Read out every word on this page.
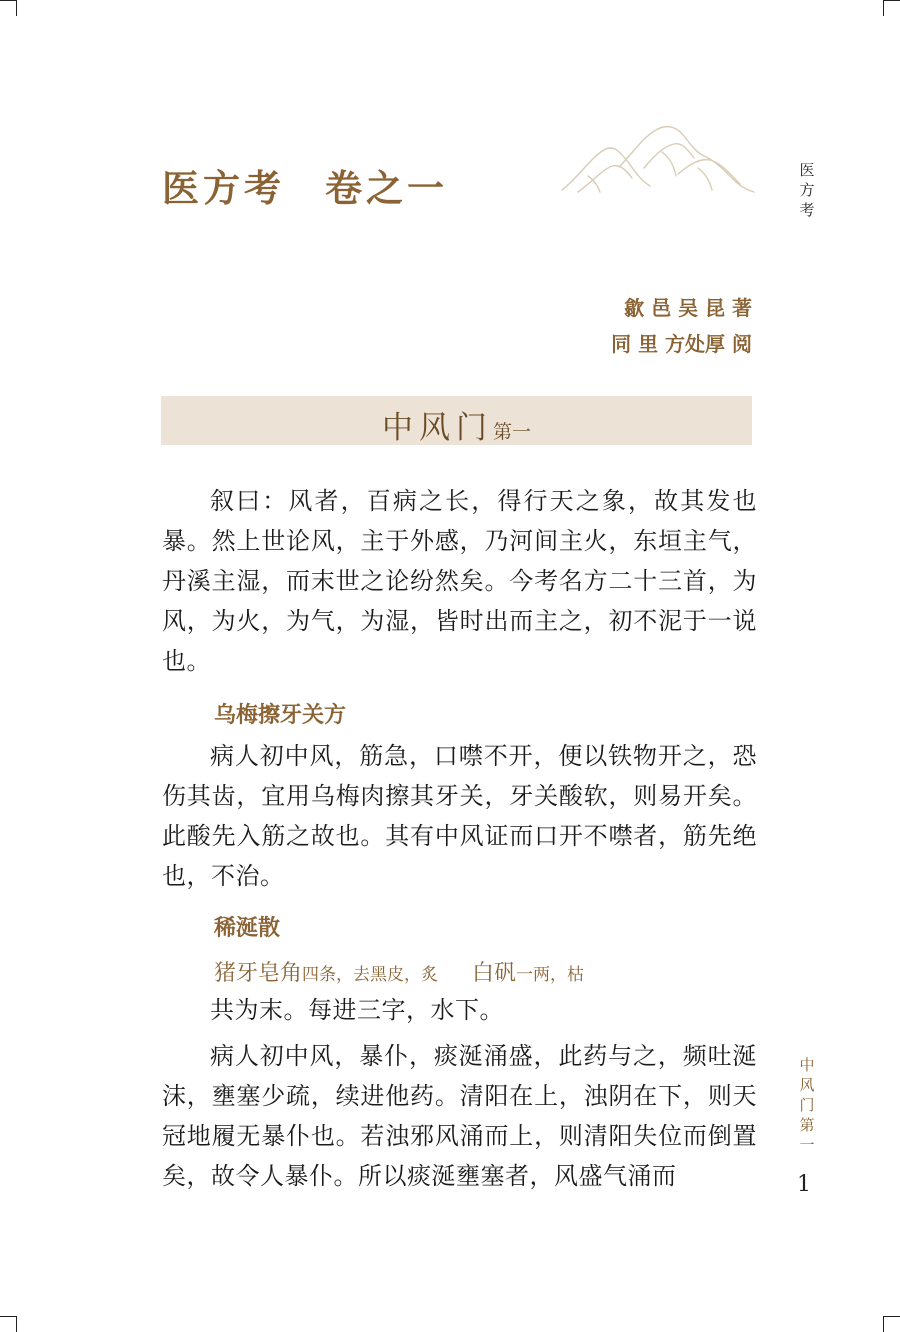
医方考 卷之一	医
方
考
歙 邑 吴 昆 著
同 里 方处厚 阅
中风门第一

叙曰：风者，百病之长，得行天之象，故其发也暴。然上世论风，主于外感，乃河间主火，东垣主气，丹溪主湿，而末世之论纷然矣。今考名方二十三首，为风，为火，为气，为湿，皆时出而主之，初不泥于一说也。

乌梅擦牙关方

病人初中风，筋急，口噤不开，便以铁物开之，恐伤其齿，宜用乌梅肉擦其牙关，牙关酸软，则易开矣。此酸先入筋之故也。其有中风证而口开不噤者，筋先绝也，不治。

稀涎散
猪牙皂角四条，去黑皮，炙 白矾一两，枯

共为末。每进三字，水下。

病人初中风，暴仆，痰涎涌盛，此药与之，频吐涎沫，壅塞少疏，续进他药。清阳在上，浊阴在下，则天冠地履无暴仆也。若浊邪风涌而上，则清阳失位而倒置矣，故令人暴仆。所以痰涎壅塞者，风盛气涌而

中
风
门
第
一
1
